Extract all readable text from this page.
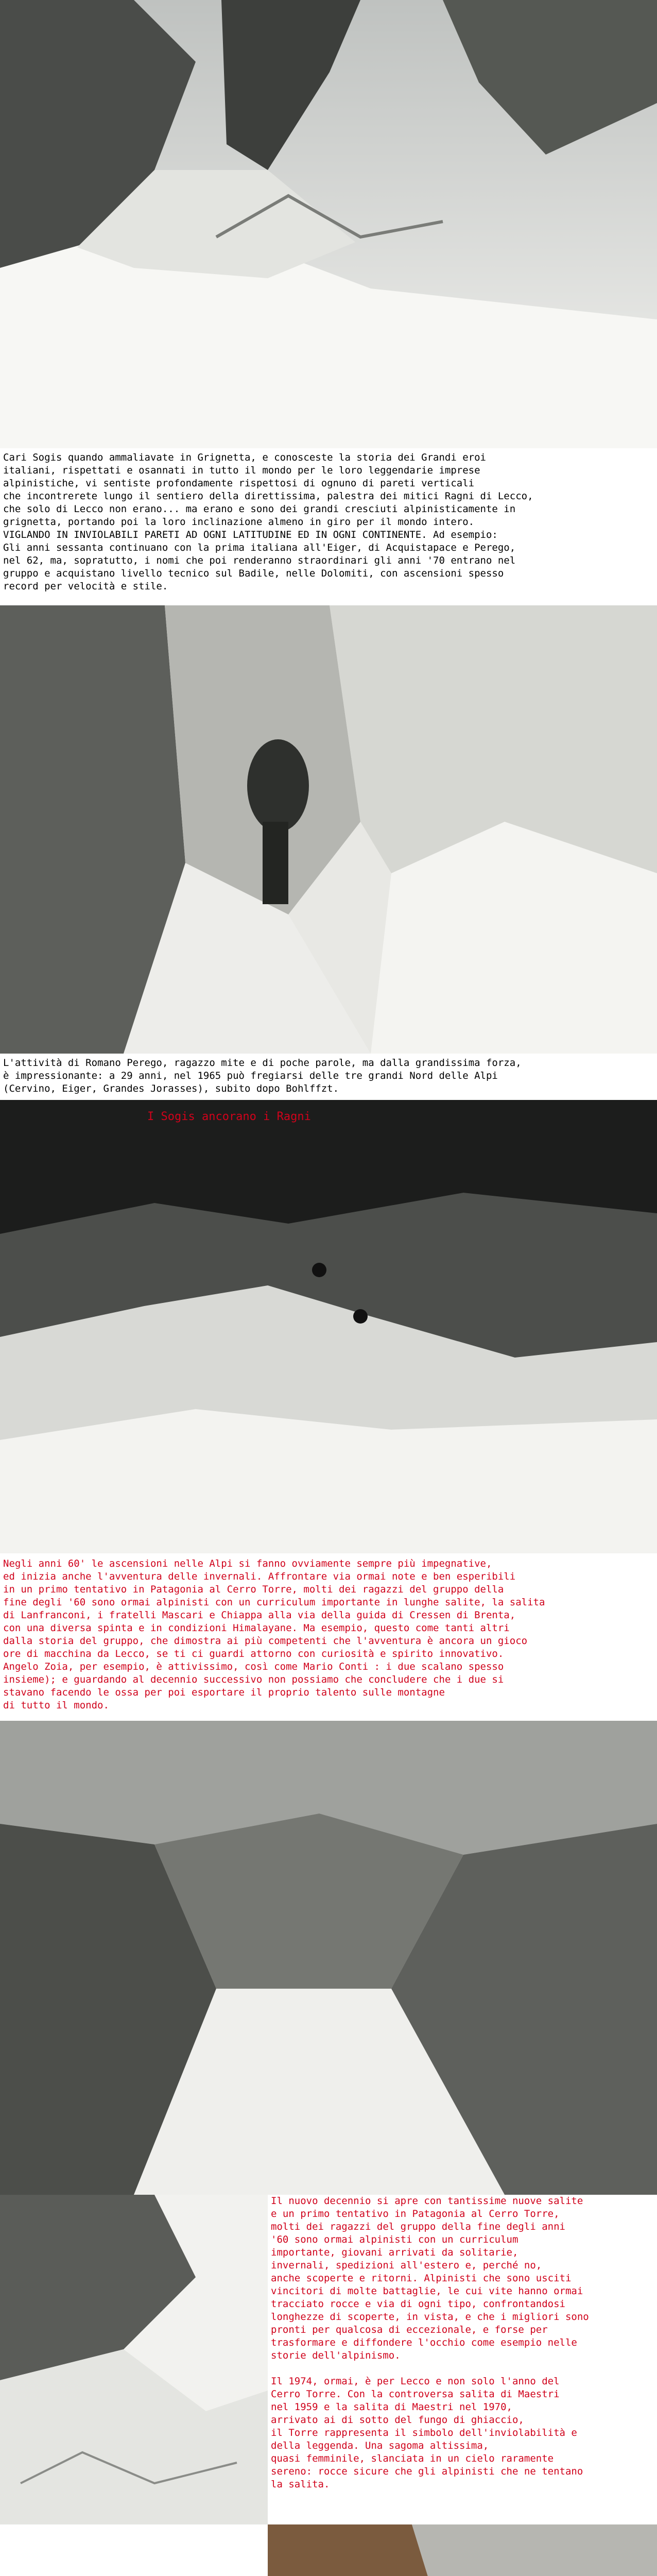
Cari Sogis quando ammaliavate in Grignetta, e conosceste la storia dei Grandi eroi
italiani, rispettati e osannati in tutto il mondo per le loro leggendarie imprese
alpinistiche, vi sentiste profondamente rispettosi di ognuno di pareti verticali
che incontrerete lungo il sentiero della direttissima, palestra dei mitici Ragni di Lecco,
che solo di Lecco non erano... ma erano e sono dei grandi cresciuti alpinisticamente in
grignetta, portando poi la loro inclinazione almeno in giro per il mondo intero.
VIGLANDO IN INVIOLABILI PARETI AD OGNI LATITUDINE ED IN OGNI CONTINENTE. Ad esempio:
Gli anni sessanta continuano con la prima italiana all'Eiger, di Acquistapace e Perego,
nel 62, ma, sopratutto, i nomi che poi renderanno straordinari gli anni '70 entrano nel
gruppo e acquistano livello tecnico sul Badile, nelle Dolomiti, con ascensioni spesso
record per velocità e stile.
L'attività di Romano Perego, ragazzo mite e di poche parole, ma dalla grandissima forza,
è impressionante: a 29 anni, nel 1965 può fregiarsi delle tre grandi Nord delle Alpi
(Cervino, Eiger, Grandes Jorasses), subito dopo Bohlffzt.
I Sogis ancorano i Ragni
Negli anni 60' le ascensioni nelle Alpi si fanno ovviamente sempre più impegnative,
ed inizia anche l'avventura delle invernali. Affrontare via ormai note e ben esperibili
in un primo tentativo in Patagonia al Cerro Torre, molti dei ragazzi del gruppo della
fine degli '60 sono ormai alpinisti con un curriculum importante in lunghe salite, la salita
di Lanfranconi, i fratelli Mascari e Chiappa alla via della guida di Cressen di Brenta,
con una diversa spinta e in condizioni Himalayane. Ma esempio, questo come tanti altri
dalla storia del gruppo, che dimostra ai più competenti che l'avventura è ancora un gioco
ore di macchina da Lecco, se ti ci guardi attorno con curiosità e spirito innovativo.
Angelo Zoia, per esempio, è attivissimo, così come Mario Conti : i due scalano spesso
insieme); e guardando al decennio successivo non possiamo che concludere che i due si
stavano facendo le ossa per poi esportare il proprio talento sulle montagne
di tutto il mondo.
Il nuovo decennio si apre con tantissime nuove salite
e un primo tentativo in Patagonia al Cerro Torre,
molti dei ragazzi del gruppo della fine degli anni
'60 sono ormai alpinisti con un curriculum
importante, giovani arrivati da solitarie,
invernali, spedizioni all'estero e, perché no,
anche scoperte e ritorni. Alpinisti che sono usciti
vincitori di molte battaglie, le cui vite hanno ormai
tracciato rocce e via di ogni tipo, confrontandosi
longhezze di scoperte, in vista, e che i migliori sono
pronti per qualcosa di eccezionale, e forse per
trasformare e diffondere l'occhio come esempio nelle
storie dell'alpinismo.

Il 1974, ormai, è per Lecco e non solo l'anno del
Cerro Torre. Con la controversa salita di Maestri
nel 1959 e la salita di Maestri nel 1970,
arrivato ai di sotto del fungo di ghiaccio,
il Torre rappresenta il simbolo dell'inviolabilità e
della leggenda. Una sagoma altissima,
quasi femminile, slanciata in un cielo raramente
sereno: rocce sicure che gli alpinisti che ne tentano
la salita.
